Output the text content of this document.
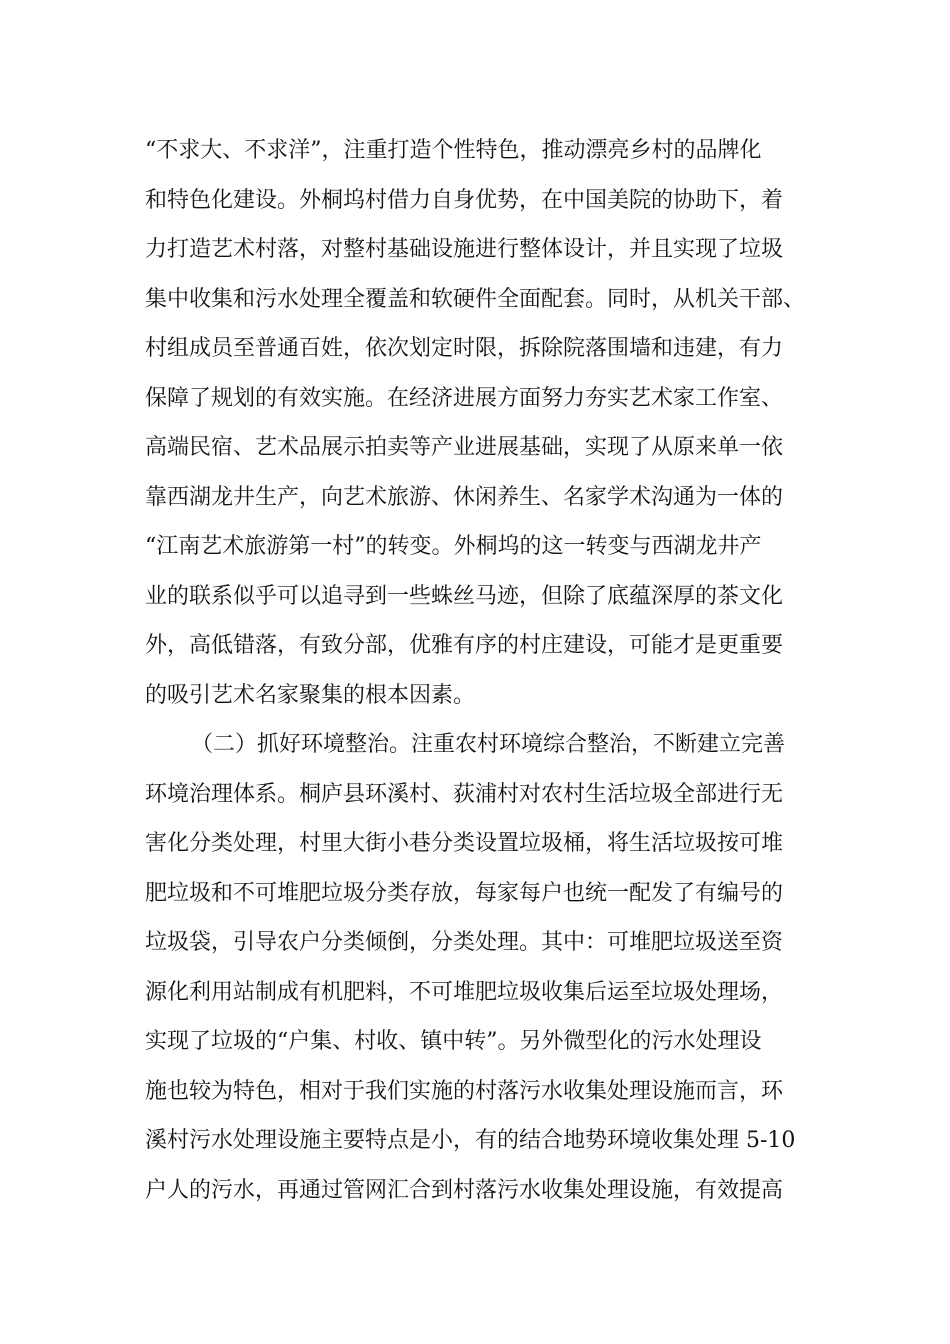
“不求大、不求洋”，注重打造个性特色，推动漂亮乡村的品牌化
和特色化建设。外桐坞村借力自身优势，在中国美院的协助下，着
力打造艺术村落，对整村基础设施进行整体设计，并且实现了垃圾
集中收集和污水处理全覆盖和软硬件全面配套。同时，从机关干部、
村组成员至普通百姓，依次划定时限，拆除院落围墙和违建，有力
保障了规划的有效实施。在经济进展方面努力夯实艺术家工作室、
高端民宿、艺术品展示拍卖等产业进展基础，实现了从原来单一依
靠西湖龙井生产，向艺术旅游、休闲养生、名家学术沟通为一体的
“江南艺术旅游第一村”的转变。外桐坞的这一转变与西湖龙井产
业的联系似乎可以追寻到一些蛛丝马迹，但除了底蕴深厚的茶文化
外，高低错落，有致分部，优雅有序的村庄建设，可能才是更重要
的吸引艺术名家聚集的根本因素。
（二）抓好环境整治。注重农村环境综合整治，不断建立完善
环境治理体系。桐庐县环溪村、荻浦村对农村生活垃圾全部进行无
害化分类处理，村里大街小巷分类设置垃圾桶，将生活垃圾按可堆
肥垃圾和不可堆肥垃圾分类存放，每家每户也统一配发了有编号的
垃圾袋，引导农户分类倾倒，分类处理。其中：可堆肥垃圾送至资
源化利用站制成有机肥料，不可堆肥垃圾收集后运至垃圾处理场，
实现了垃圾的“户集、村收、镇中转”。另外微型化的污水处理设
施也较为特色，相对于我们实施的村落污水收集处理设施而言，环
溪村污水处理设施主要特点是小，有的结合地势环境收集处理 5-10
户人的污水，再通过管网汇合到村落污水收集处理设施，有效提高
